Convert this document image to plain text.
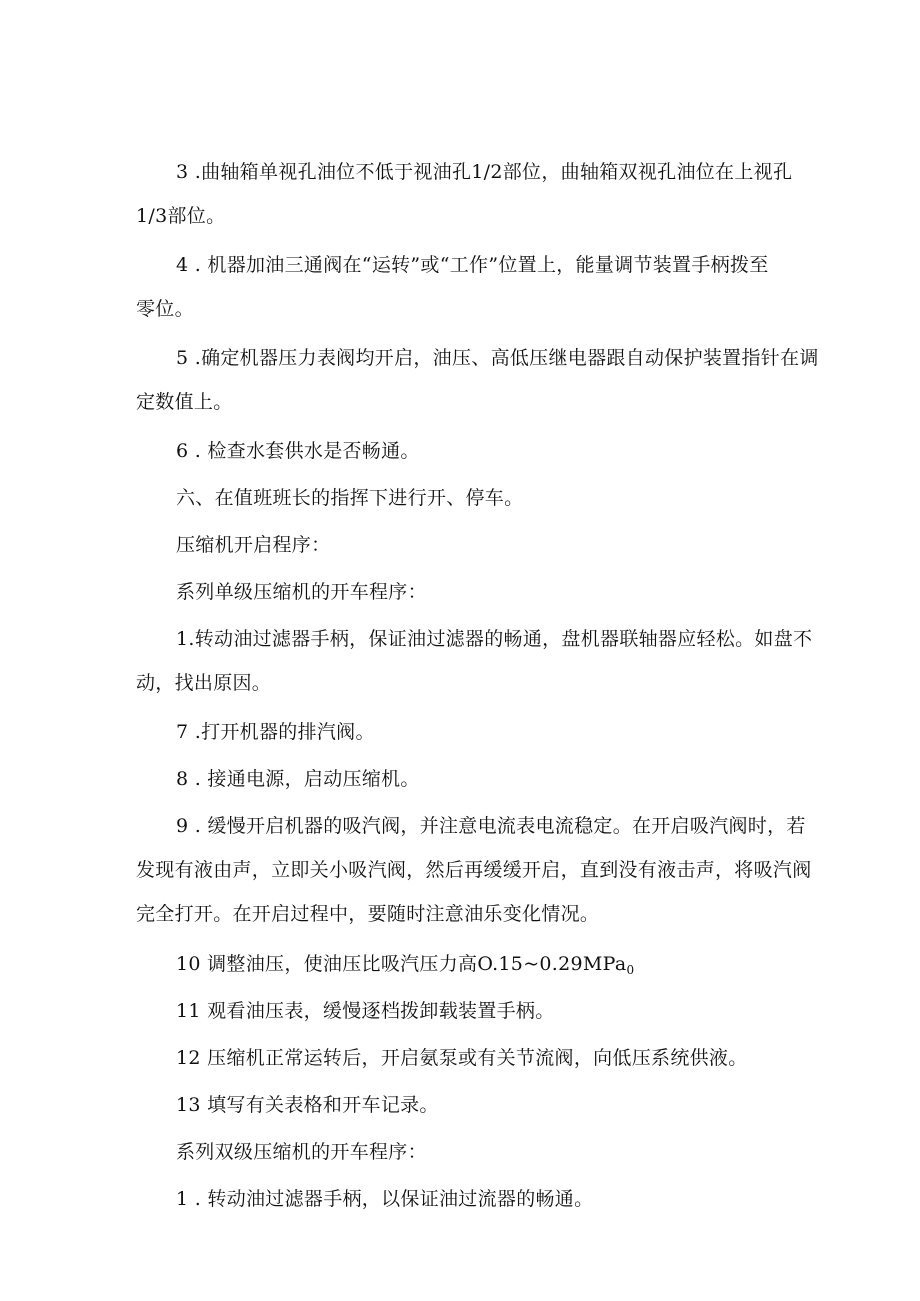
3 .曲轴箱单视孔油位不低于视油孔1/2部位，曲轴箱双视孔油位在上视孔
1/3部位。
4 . 机器加油三通阀在“运转”或“工作”位置上，能量调节装置手柄拨至
零位。
5 .确定机器压力表阀均开启，油压、高低压继电器跟自动保护装置指针在调
定数值上。
6 . 检查水套供水是否畅通。
六、在值班班长的指挥下进行开、停车。
压缩机开启程序：
系列单级压缩机的开车程序：
1.转动油过滤器手柄，保证油过滤器的畅通，盘机器联轴器应轻松。如盘不
动，找出原因。
7 .打开机器的排汽阀。
8 . 接通电源，启动压缩机。
9 . 缓慢开启机器的吸汽阀，并注意电流表电流稳定。在开启吸汽阀时，若
发现有液由声，立即关小吸汽阀，然后再缓缓开启，直到没有液击声，将吸汽阀
完全打开。在开启过程中，要随时注意油乐变化情况。
10 调整油压，使油压比吸汽压力高O.15~0.29MPa$_0$
11 观看油压表，缓慢逐档拨卸载装置手柄。
12 压缩机正常运转后，开启氨泵或有关节流阀，向低压系统供液。
13 填写有关表格和开车记录。
系列双级压缩机的开车程序：
1 . 转动油过滤器手柄，以保证油过流器的畅通。
